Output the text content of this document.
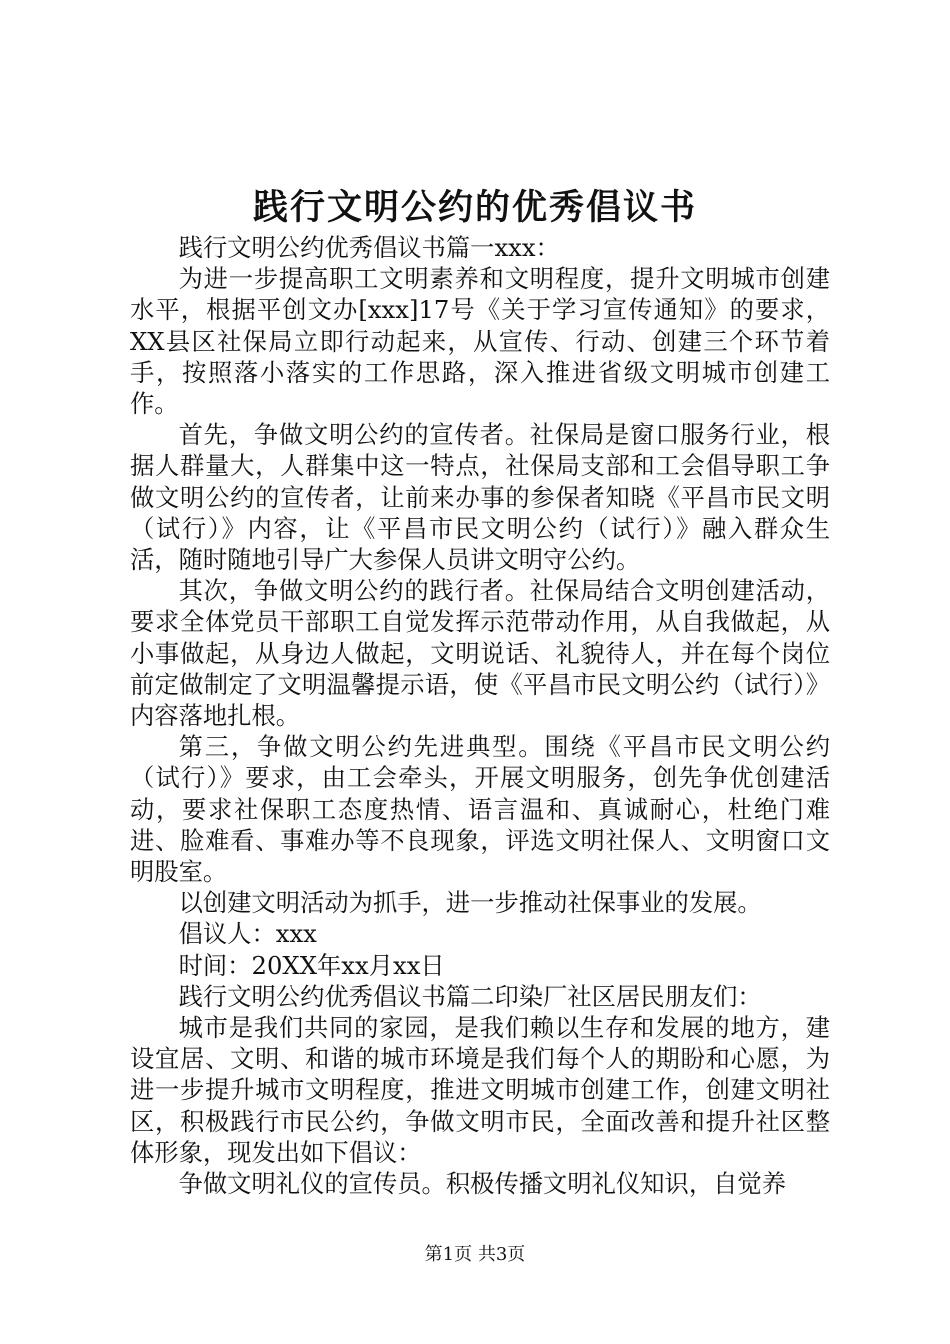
践行文明公约的优秀倡议书

践行文明公约优秀倡议书篇一xxx：

为进一步提高职工文明素养和文明程度，提升文明城市创建水平，根据平创文办[xxx]17号《关于学习宣传通知》的要求，XX县区社保局立即行动起来，从宣传、行动、创建三个环节着手，按照落小落实的工作思路，深入推进省级文明城市创建工作。

首先，争做文明公约的宣传者。社保局是窗口服务行业，根据人群量大，人群集中这一特点，社保局支部和工会倡导职工争做文明公约的宣传者，让前来办事的参保者知晓《平昌市民文明（试行）》内容，让《平昌市民文明公约（试行）》融入群众生活，随时随地引导广大参保人员讲文明守公约。

其次，争做文明公约的践行者。社保局结合文明创建活动，要求全体党员干部职工自觉发挥示范带动作用，从自我做起，从小事做起，从身边人做起，文明说话、礼貌待人，并在每个岗位前定做制定了文明温馨提示语，使《平昌市民文明公约（试行）》内容落地扎根。

第三，争做文明公约先进典型。围绕《平昌市民文明公约（试行）》要求，由工会牵头，开展文明服务，创先争优创建活动，要求社保职工态度热情、语言温和、真诚耐心，杜绝门难进、脸难看、事难办等不良现象，评选文明社保人、文明窗口文明股室。

以创建文明活动为抓手，进一步推动社保事业的发展。

倡议人：xxx

时间：20XX年xx月xx日

践行文明公约优秀倡议书篇二印染厂社区居民朋友们：

城市是我们共同的家园，是我们赖以生存和发展的地方，建设宜居、文明、和谐的城市环境是我们每个人的期盼和心愿，为进一步提升城市文明程度，推进文明城市创建工作，创建文明社区，积极践行市民公约，争做文明市民，全面改善和提升社区整体形象，现发出如下倡议：

争做文明礼仪的宣传员。积极传播文明礼仪知识，自觉养

第1页 共3页
